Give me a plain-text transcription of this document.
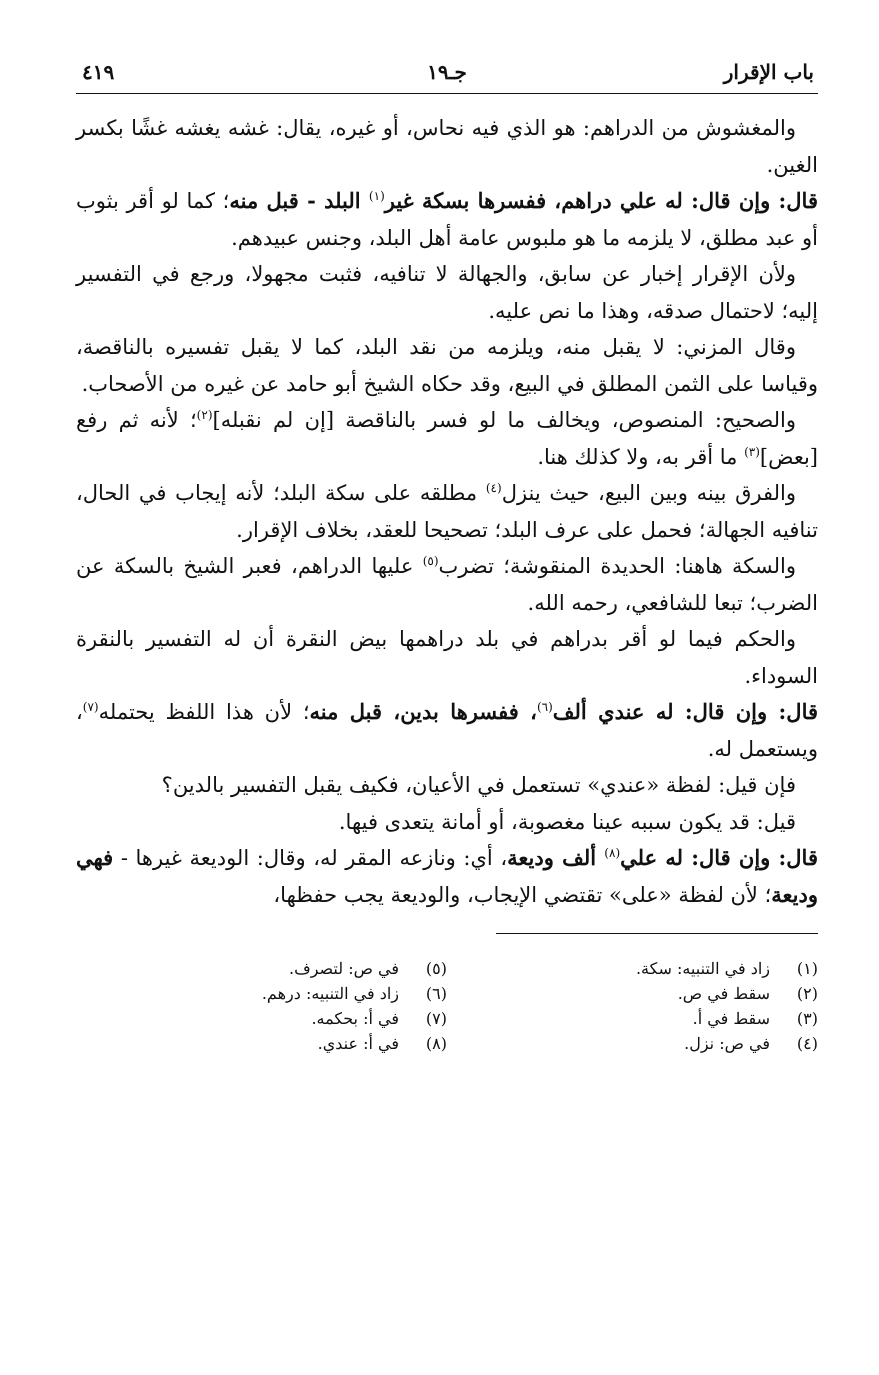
باب الإقرار
جـ١٩
٤١٩

والمغشوش من الدراهم: هو الذي فيه نحاس، أو غيره، يقال: غشه يغشه غشًا بكسر الغين.

قال: وإن قال: له علي دراهم، ففسرها بسكة غير$^{(١)}$ البلد - قبل منه؛ كما لو أقر بثوب أو عبد مطلق، لا يلزمه ما هو ملبوس عامة أهل البلد، وجنس عبيدهم.

ولأن الإقرار إخبار عن سابق، والجهالة لا تنافيه، فثبت مجهولا، ورجع في التفسير إليه؛ لاحتمال صدقه، وهذا ما نص عليه.

وقال المزني: لا يقبل منه، ويلزمه من نقد البلد، كما لا يقبل تفسيره بالناقصة، وقياسا على الثمن المطلق في البيع، وقد حكاه الشيخ أبو حامد عن غيره من الأصحاب.

والصحيح: المنصوص، ويخالف ما لو فسر بالناقصة [إن لم نقبله]$^{(٢)}$؛ لأنه ثم رفع [بعض]$^{(٣)}$ ما أقر به، ولا كذلك هنا.

والفرق بينه وبين البيع، حيث ينزل$^{(٤)}$ مطلقه على سكة البلد؛ لأنه إيجاب في الحال، تنافيه الجهالة؛ فحمل على عرف البلد؛ تصحيحا للعقد، بخلاف الإقرار.

والسكة هاهنا: الحديدة المنقوشة؛ تضرب$^{(٥)}$ عليها الدراهم، فعبر الشيخ بالسكة عن الضرب؛ تبعا للشافعي، رحمه الله.

والحكم فيما لو أقر بدراهم في بلد دراهمها بيض النقرة أن له التفسير بالنقرة السوداء.

قال: وإن قال: له عندي ألف$^{(٦)}$، ففسرها بدين، قبل منه؛ لأن هذا اللفظ يحتمله$^{(٧)}$، ويستعمل له.

فإن قيل: لفظة «عندي» تستعمل في الأعيان، فكيف يقبل التفسير بالدين؟

قيل: قد يكون سببه عينا مغصوبة، أو أمانة يتعدى فيها.

قال: وإن قال: له علي$^{(٨)}$ ألف وديعة، أي: ونازعه المقر له، وقال: الوديعة غيرها - فهي وديعة؛ لأن لفظة «على» تقتضي الإيجاب، والوديعة يجب حفظها،

(١)
زاد في التنبيه: سكة.
(٢)
سقط في ص.
(٣)
سقط في أ.
(٤)
في ص: نزل.
(٥)
في ص: لتصرف.
(٦)
زاد في التنبيه: درهم.
(٧)
في أ: بحكمه.
(٨)
في أ: عندي.
